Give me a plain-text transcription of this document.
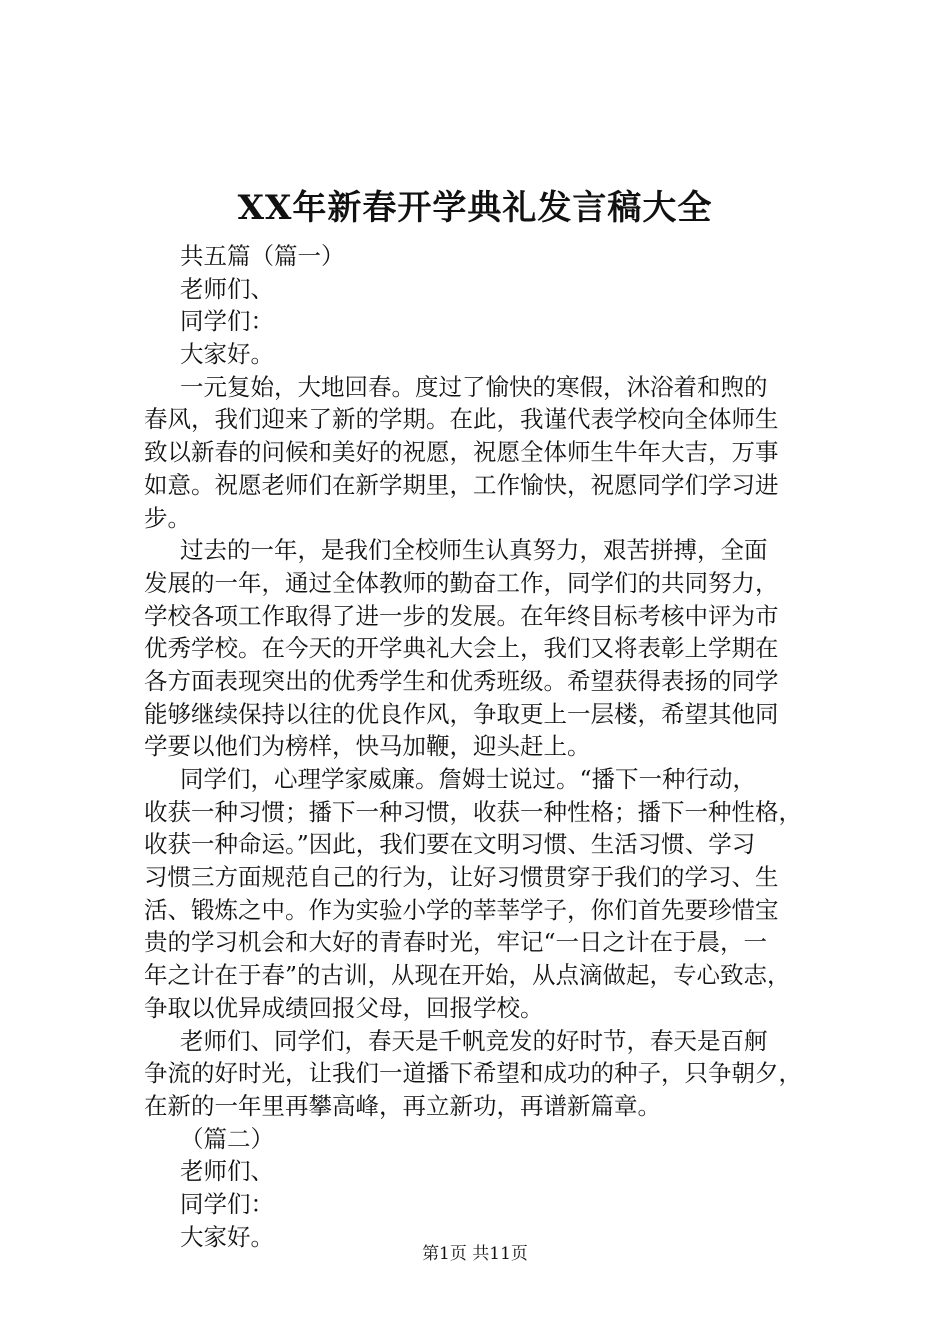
XX年新春开学典礼发言稿大全
共五篇（篇一）
老师们、
同学们：
大家好。
一元复始，大地回春。度过了愉快的寒假，沐浴着和煦的
春风，我们迎来了新的学期。在此，我谨代表学校向全体师生
致以新春的问候和美好的祝愿，祝愿全体师生牛年大吉，万事
如意。祝愿老师们在新学期里，工作愉快，祝愿同学们学习进
步。
过去的一年，是我们全校师生认真努力，艰苦拼搏，全面
发展的一年，通过全体教师的勤奋工作，同学们的共同努力，
学校各项工作取得了进一步的发展。在年终目标考核中评为市
优秀学校。在今天的开学典礼大会上，我们又将表彰上学期在
各方面表现突出的优秀学生和优秀班级。希望获得表扬的同学
能够继续保持以往的优良作风，争取更上一层楼，希望其他同
学要以他们为榜样，快马加鞭，迎头赶上。
同学们，心理学家威廉。詹姆士说过。“播下一种行动，
收获一种习惯；播下一种习惯，收获一种性格；播下一种性格，
收获一种命运。”因此，我们要在文明习惯、生活习惯、学习
习惯三方面规范自己的行为，让好习惯贯穿于我们的学习、生
活、锻炼之中。作为实验小学的莘莘学子，你们首先要珍惜宝
贵的学习机会和大好的青春时光，牢记“一日之计在于晨，一
年之计在于春”的古训，从现在开始，从点滴做起，专心致志，
争取以优异成绩回报父母，回报学校。
老师们、同学们，春天是千帆竞发的好时节，春天是百舸
争流的好时光，让我们一道播下希望和成功的种子，只争朝夕，
在新的一年里再攀高峰，再立新功，再谱新篇章。
（篇二）
老师们、
同学们：
大家好。
第1页 共11页
